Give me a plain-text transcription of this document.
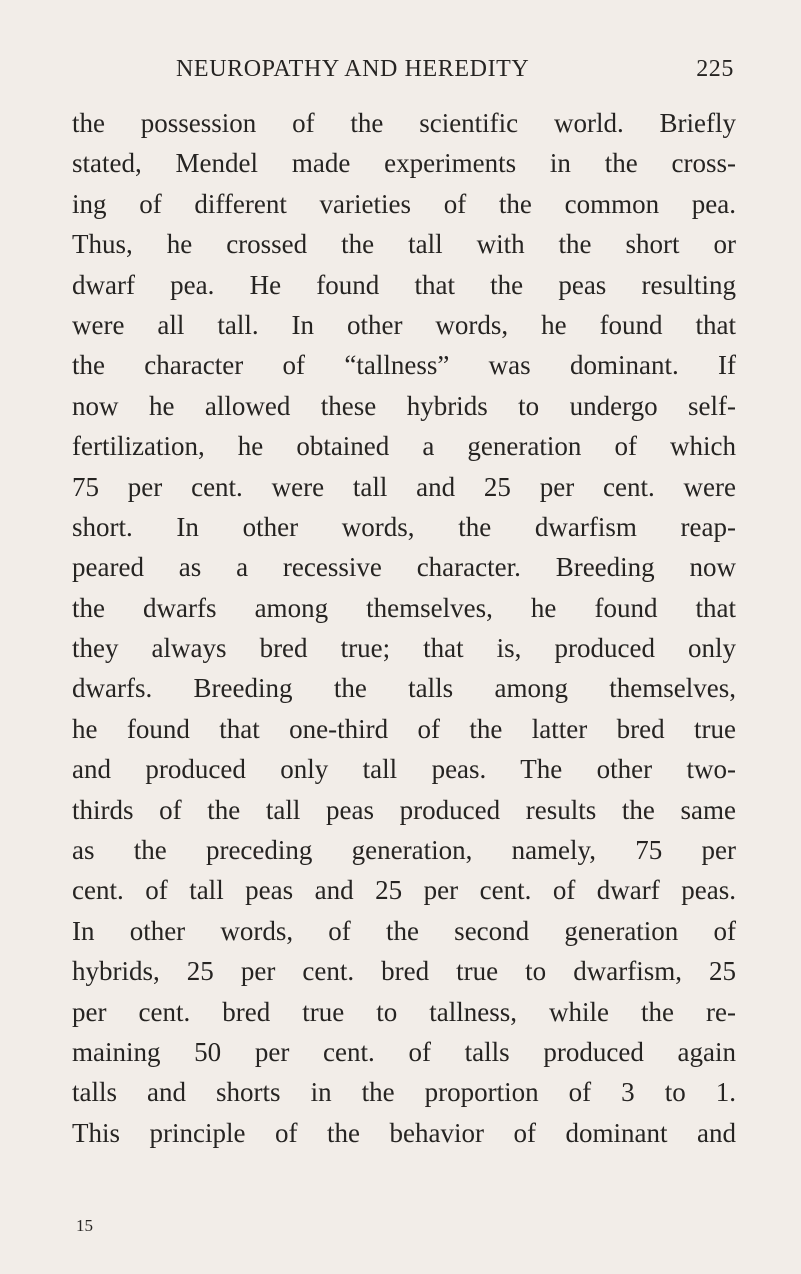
NEUROPATHY AND HEREDITY	225
the possession of the scientific world. Briefly
stated, Mendel made experiments in the cross-
ing of different varieties of the common pea.
Thus, he crossed the tall with the short or
dwarf pea. He found that the peas resulting
were all tall. In other words, he found that
the character of “tallness” was dominant. If
now he allowed these hybrids to undergo self-
fertilization, he obtained a generation of which
75 per cent. were tall and 25 per cent. were
short. In other words, the dwarfism reap-
peared as a recessive character. Breeding now
the dwarfs among themselves, he found that
they always bred true; that is, produced only
dwarfs. Breeding the talls among themselves,
he found that one-third of the latter bred true
and produced only tall peas. The other two-
thirds of the tall peas produced results the same
as the preceding generation, namely, 75 per
cent. of tall peas and 25 per cent. of dwarf peas.
In other words, of the second generation of
hybrids, 25 per cent. bred true to dwarfism, 25
per cent. bred true to tallness, while the re-
maining 50 per cent. of talls produced again
talls and shorts in the proportion of 3 to 1.
This principle of the behavior of dominant and
15
